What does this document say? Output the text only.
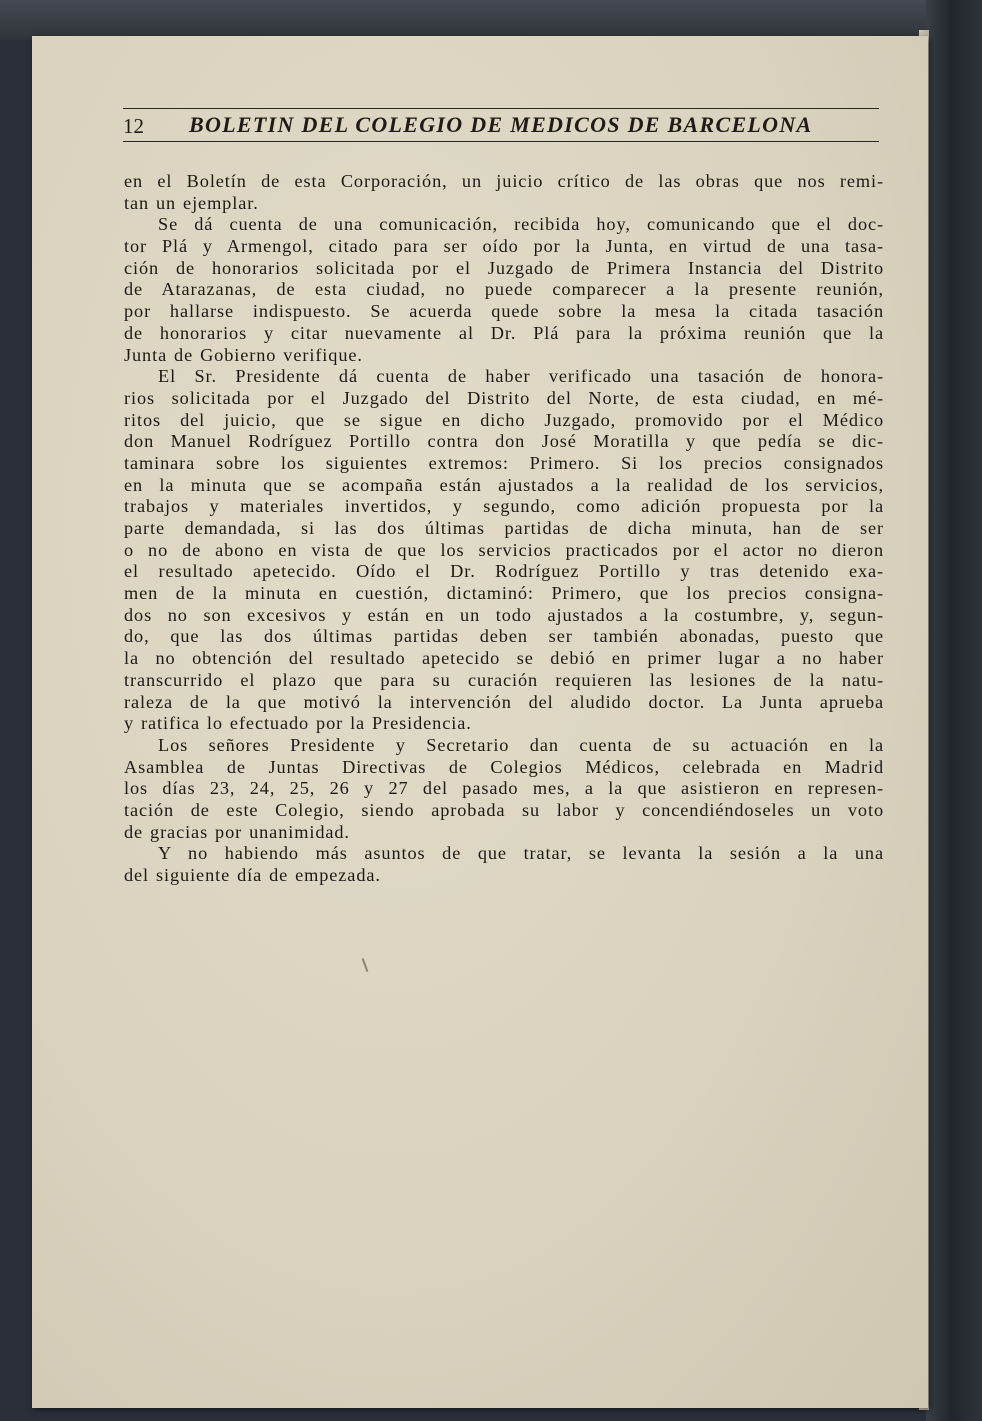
12 BOLETIN DEL COLEGIO DE MEDICOS DE BARCELONA
en el Boletín de esta Corporación, un juicio crítico de las obras que nos remi-
tan un ejemplar.
Se dá cuenta de una comunicación, recibida hoy, comunicando que el doc-
tor Plá y Armengol, citado para ser oído por la Junta, en virtud de una tasa-
ción de honorarios solicitada por el Juzgado de Primera Instancia del Distrito
de Atarazanas, de esta ciudad, no puede comparecer a la presente reunión,
por hallarse indispuesto. Se acuerda quede sobre la mesa la citada tasación
de honorarios y citar nuevamente al Dr. Plá para la próxima reunión que la
Junta de Gobierno verifique.
El Sr. Presidente dá cuenta de haber verificado una tasación de honora-
rios solicitada por el Juzgado del Distrito del Norte, de esta ciudad, en mé-
ritos del juicio, que se sigue en dicho Juzgado, promovido por el Médico
don Manuel Rodríguez Portillo contra don José Moratilla y que pedía se dic-
taminara sobre los siguientes extremos: Primero. Si los precios consignados
en la minuta que se acompaña están ajustados a la realidad de los servicios,
trabajos y materiales invertidos, y segundo, como adición propuesta por la
parte demandada, si las dos últimas partidas de dicha minuta, han de ser
o no de abono en vista de que los servicios practicados por el actor no dieron
el resultado apetecido. Oído el Dr. Rodríguez Portillo y tras detenido exa-
men de la minuta en cuestión, dictaminó: Primero, que los precios consigna-
dos no son excesivos y están en un todo ajustados a la costumbre, y, segun-
do, que las dos últimas partidas deben ser también abonadas, puesto que
la no obtención del resultado apetecido se debió en primer lugar a no haber
transcurrido el plazo que para su curación requieren las lesiones de la natu-
raleza de la que motivó la intervención del aludido doctor. La Junta aprueba
y ratifica lo efectuado por la Presidencia.
Los señores Presidente y Secretario dan cuenta de su actuación en la
Asamblea de Juntas Directivas de Colegios Médicos, celebrada en Madrid
los días 23, 24, 25, 26 y 27 del pasado mes, a la que asistieron en represen-
tación de este Colegio, siendo aprobada su labor y concendiéndoseles un voto
de gracias por unanimidad.
Y no habiendo más asuntos de que tratar, se levanta la sesión a la una
del siguiente día de empezada.
